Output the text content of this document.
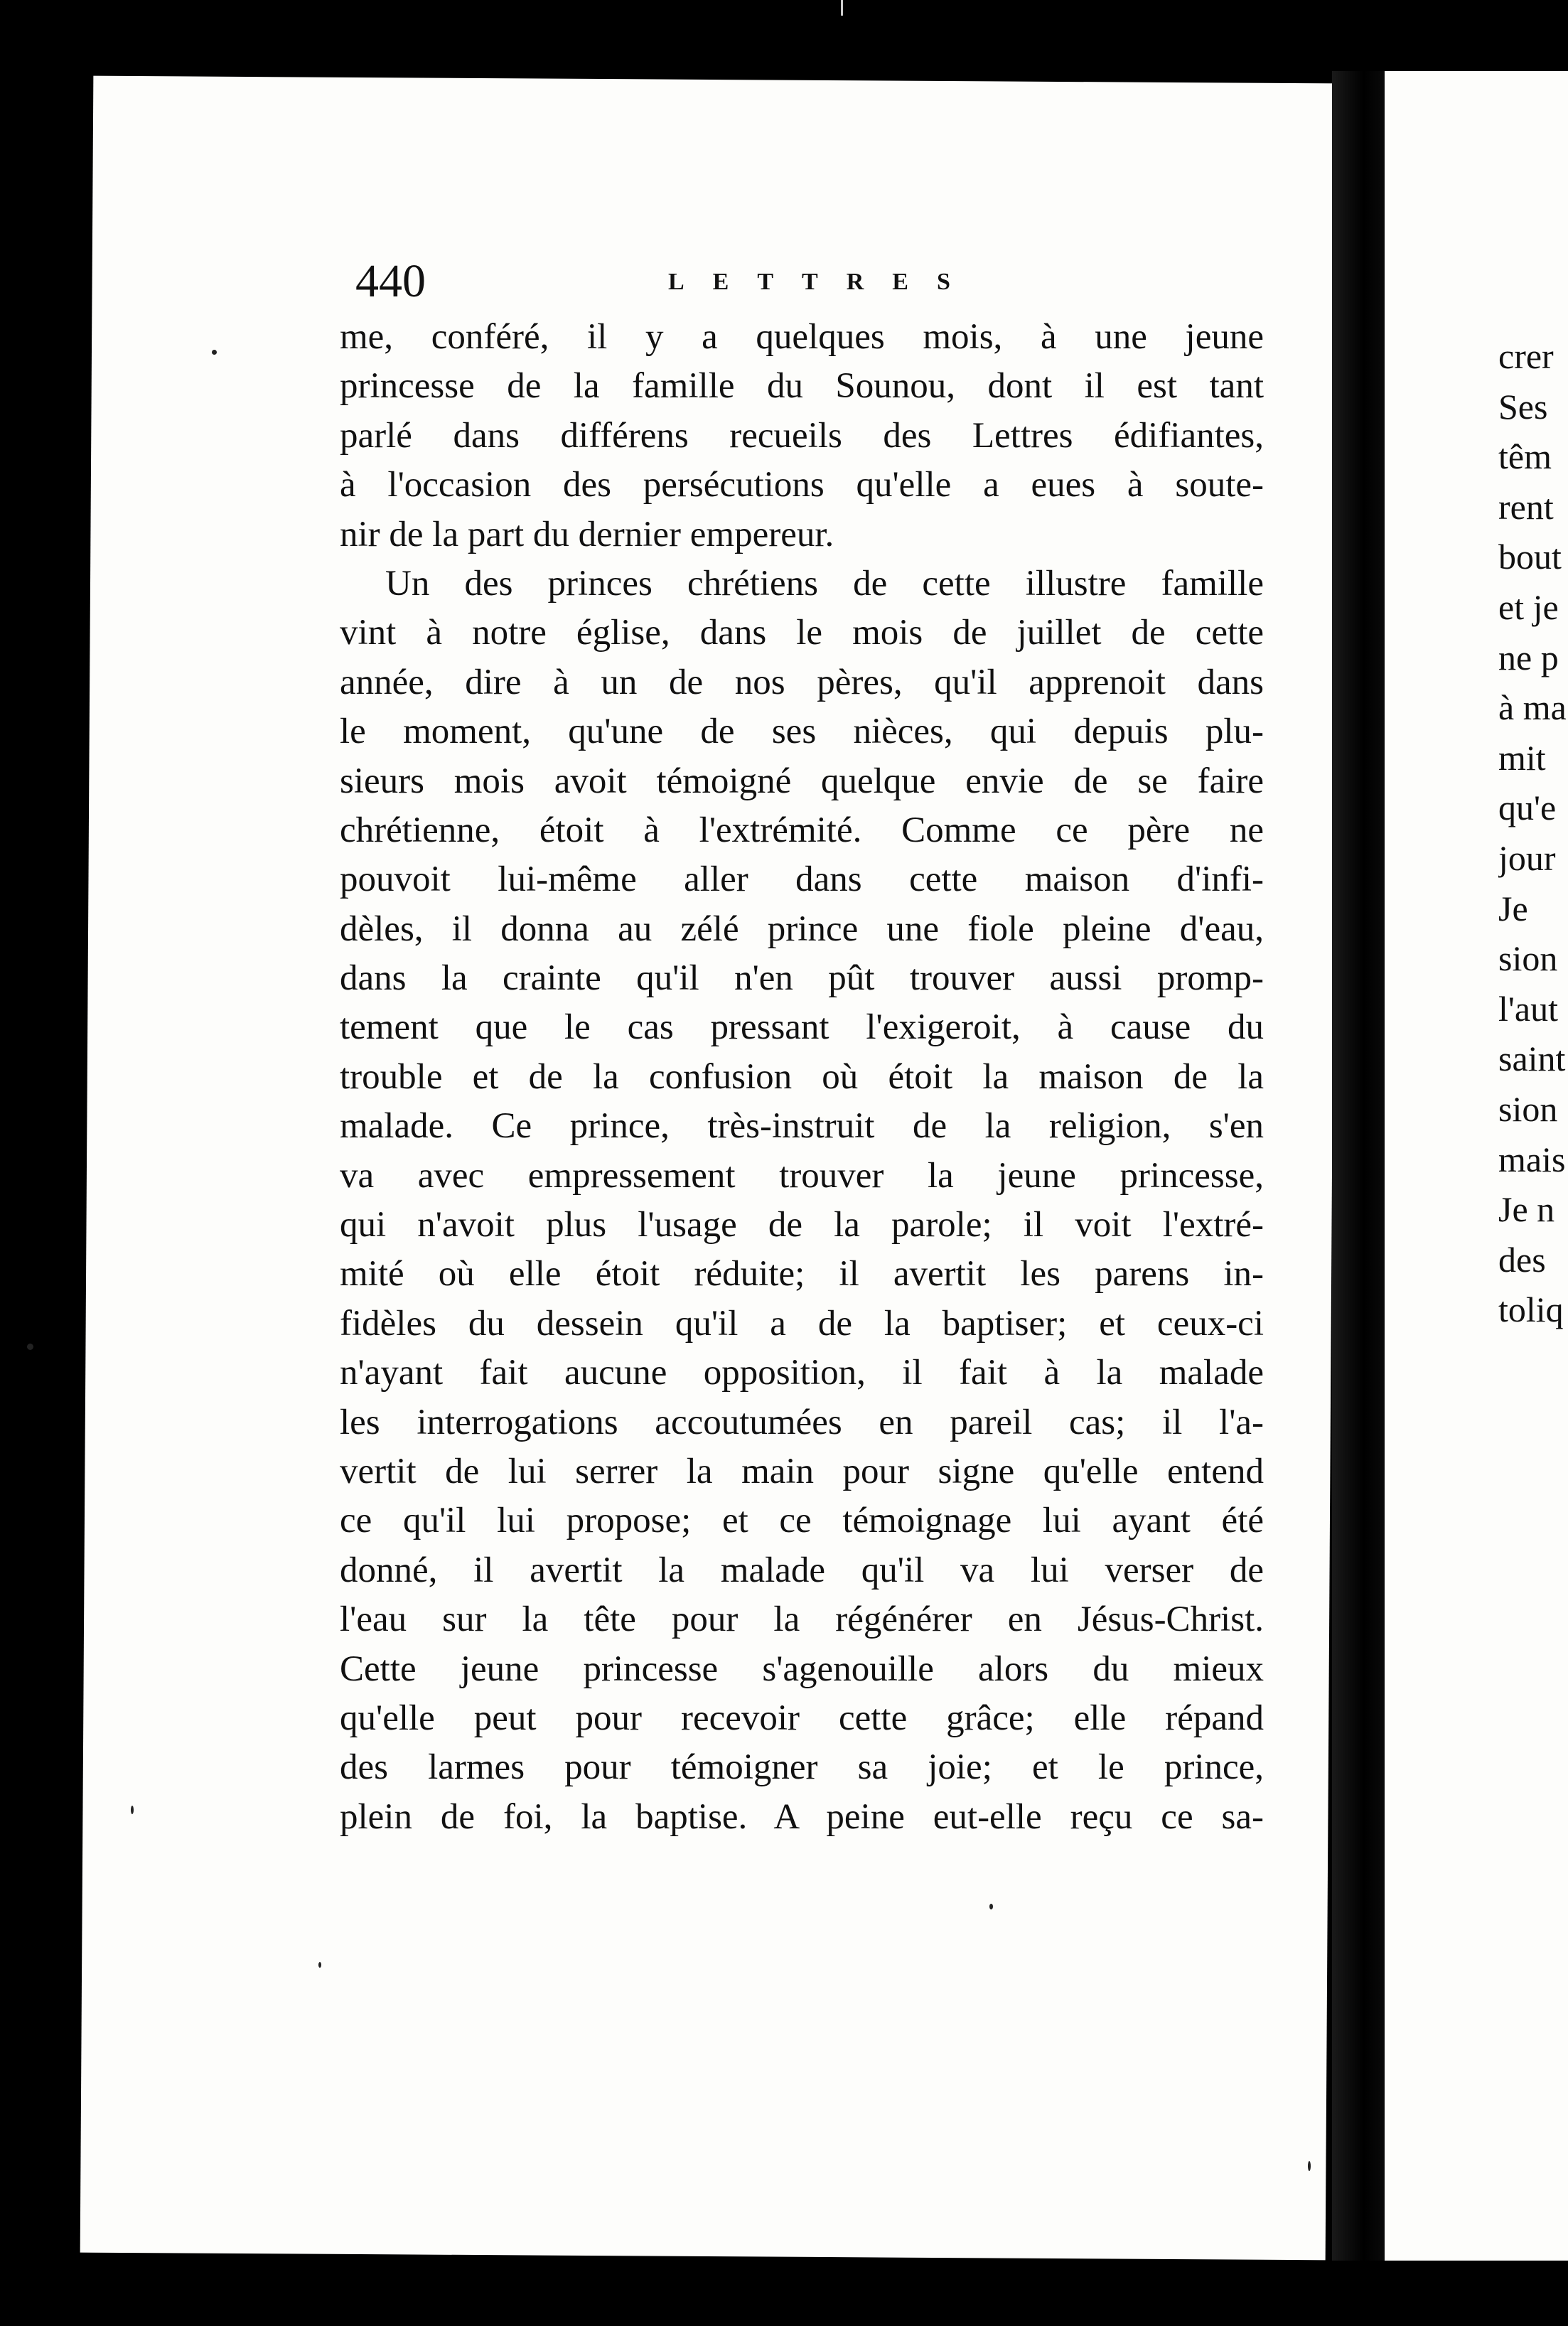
440	LETTRES
me, conféré, il y a quelques mois, à une jeune
princesse de la famille du Sounou, dont il est tant
parlé dans différens recueils des Lettres édifiantes,
à l'occasion des persécutions qu'elle a eues à soute-
nir de la part du dernier empereur.
Un des princes chrétiens de cette illustre famille
vint à notre église, dans le mois de juillet de cette
année, dire à un de nos pères, qu'il apprenoit dans
le moment, qu'une de ses nièces, qui depuis plu-
sieurs mois avoit témoigné quelque envie de se faire
chrétienne, étoit à l'extrémité. Comme ce père ne
pouvoit lui-même aller dans cette maison d'infi-
dèles, il donna au zélé prince une fiole pleine d'eau,
dans la crainte qu'il n'en pût trouver aussi promp-
tement que le cas pressant l'exigeroit, à cause du
trouble et de la confusion où étoit la maison de la
malade. Ce prince, très-instruit de la religion, s'en
va avec empressement trouver la jeune princesse,
qui n'avoit plus l'usage de la parole; il voit l'extré-
mité où elle étoit réduite; il avertit les parens in-
fidèles du dessein qu'il a de la baptiser; et ceux-ci
n'ayant fait aucune opposition, il fait à la malade
les interrogations accoutumées en pareil cas; il l'a-
vertit de lui serrer la main pour signe qu'elle entend
ce qu'il lui propose; et ce témoignage lui ayant été
donné, il avertit la malade qu'il va lui verser de
l'eau sur la tête pour la régénérer en Jésus-Christ.
Cette jeune princesse s'agenouille alors du mieux
qu'elle peut pour recevoir cette grâce; elle répand
des larmes pour témoigner sa joie; et le prince,
plein de foi, la baptise. A peine eut-elle reçu ce sa-
crer
Ses
têm
rent
bout
et je
ne p
à ma
mit
qu'e
jour
Je
sion
l'aut
saint
sion
mais
Je n
des
toliq
